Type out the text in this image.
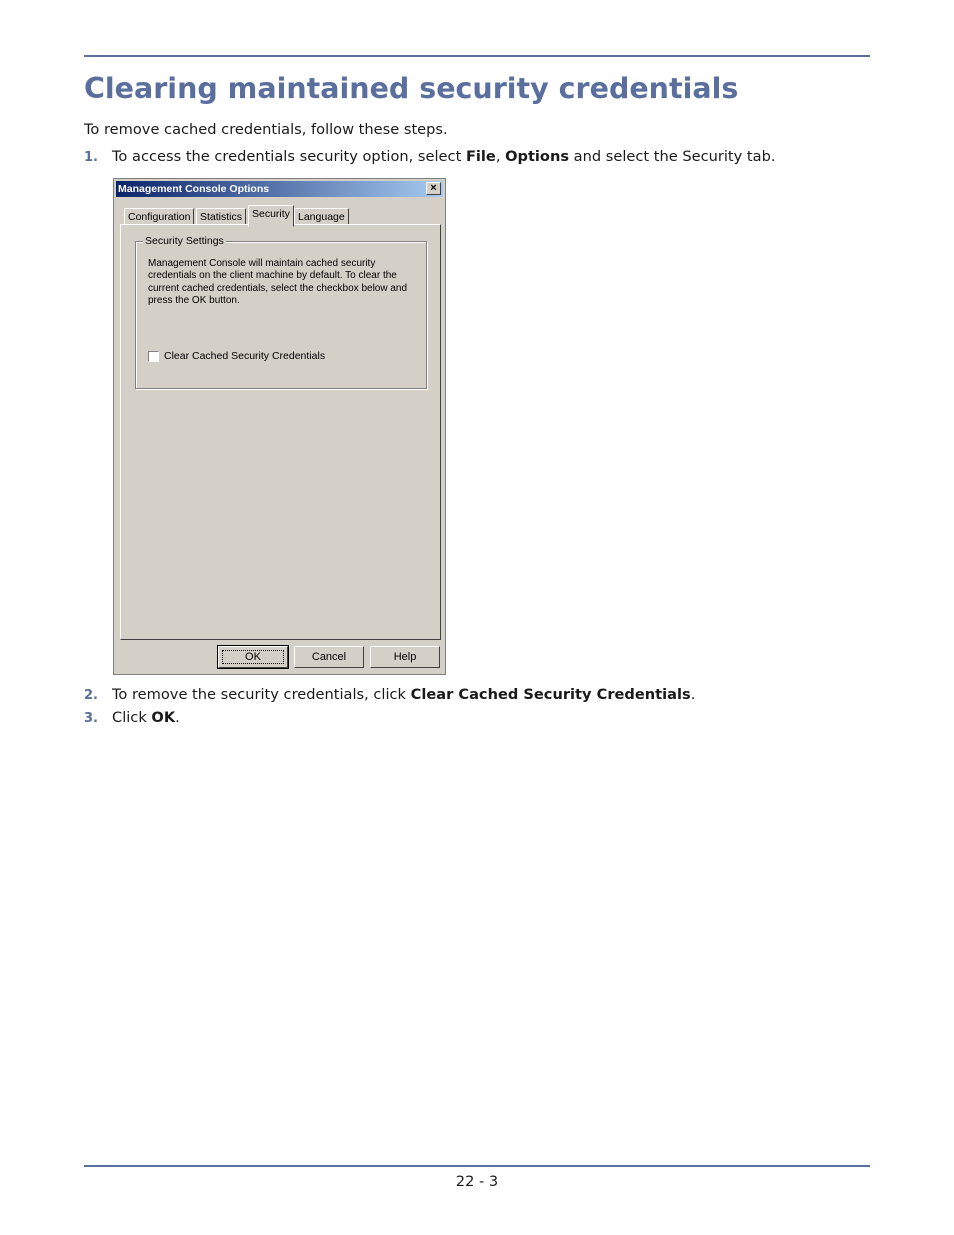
Clearing maintained security credentials

To remove cached credentials, follow these steps.

1. To access the credentials security option, select File, Options and select the Security tab.

Management Console Options	×
Configuration Statistics Security Language
Security Settings
Management Console will maintain cached security credentials on the client machine by default. To clear the current cached credentials, select the checkbox below and press the OK button.
Clear Cached Security Credentials
OK	Cancel	Help

2. To remove the security credentials, click Clear Cached Security Credentials.

3. Click OK.

22 - 3
